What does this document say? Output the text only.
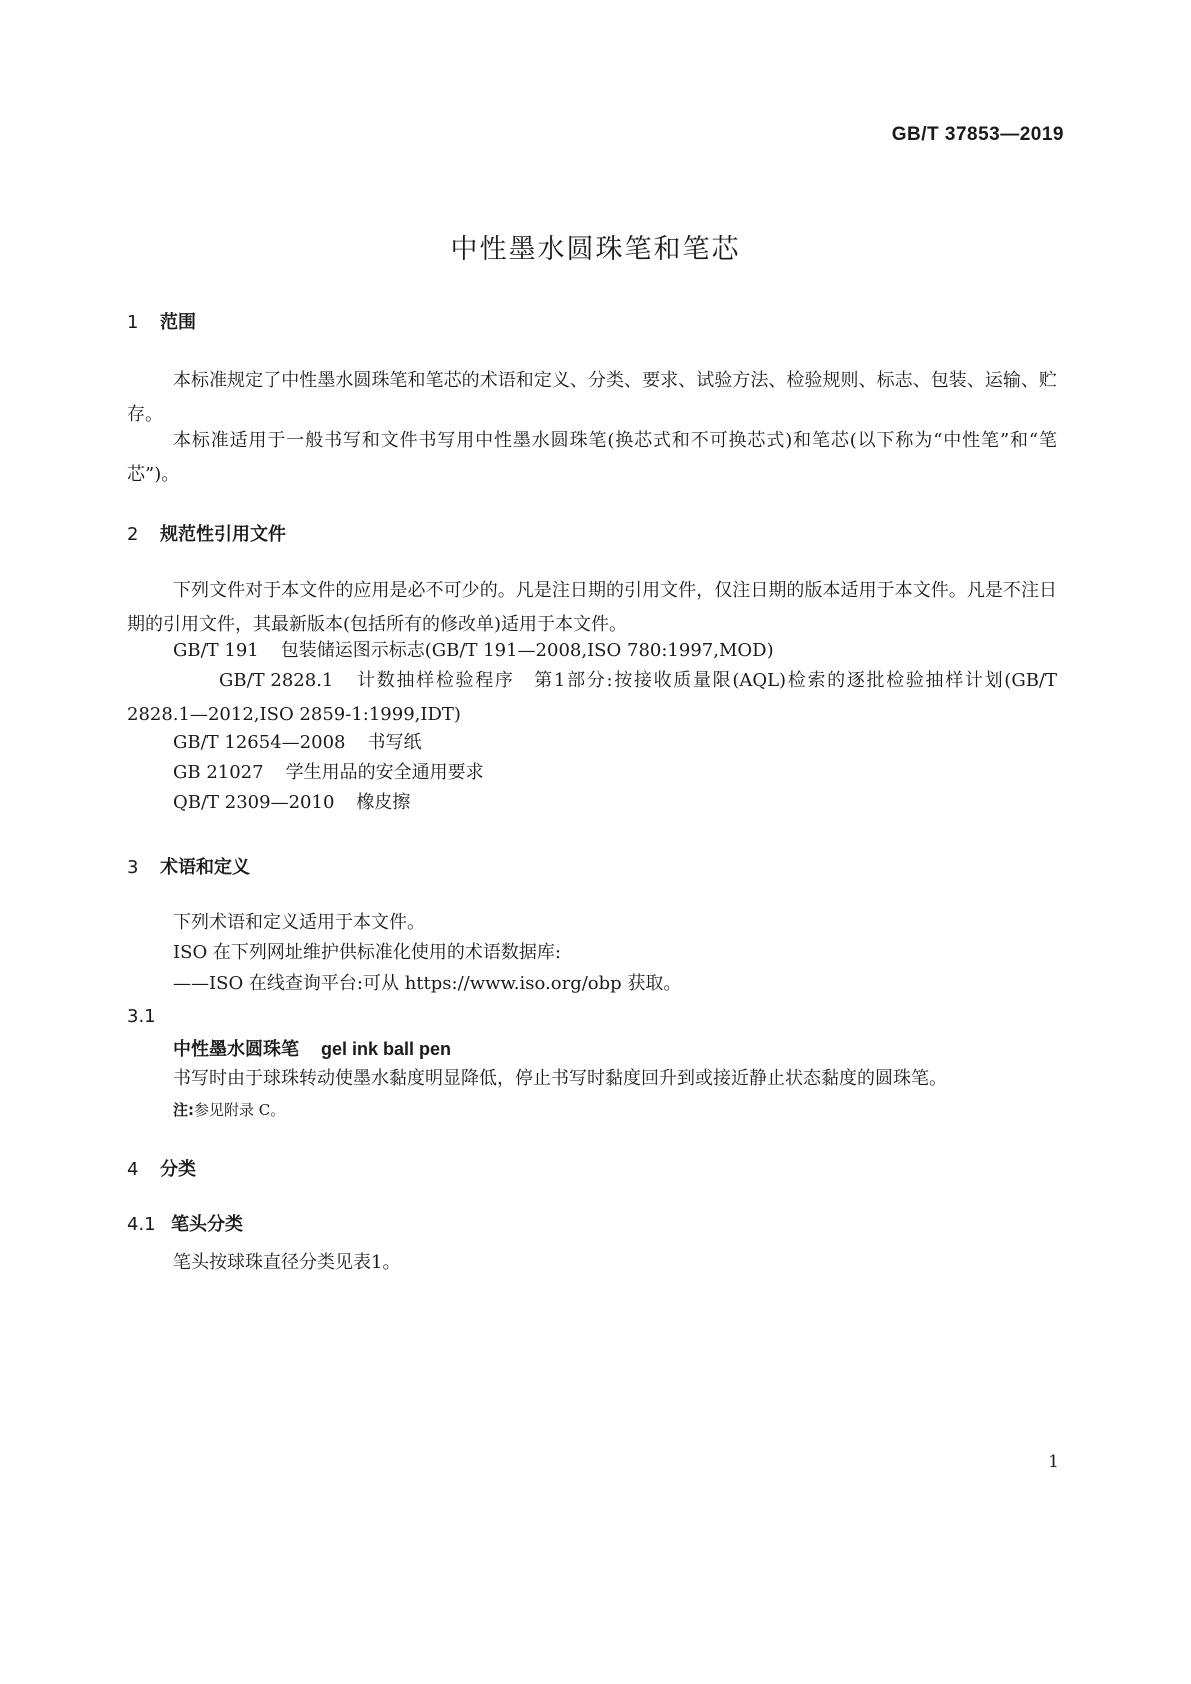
GB/T 37853—2019
中性墨水圆珠笔和笔芯
1 范围
本标准规定了中性墨水圆珠笔和笔芯的术语和定义、分类、要求、试验方法、检验规则、标志、包装、运输、贮存。
本标准适用于一般书写和文件书写用中性墨水圆珠笔(换芯式和不可换芯式)和笔芯(以下称为“中性笔”和“笔芯”)。
2 规范性引用文件
下列文件对于本文件的应用是必不可少的。凡是注日期的引用文件，仅注日期的版本适用于本文件。凡是不注日期的引用文件，其最新版本(包括所有的修改单)适用于本文件。
GB/T 191 包装储运图示标志(GB/T 191—2008,ISO 780:1997,MOD)
GB/T 2828.1 计数抽样检验程序　第1部分:按接收质量限(AQL)检索的逐批检验抽样计划(GB/T 2828.1—2012,ISO 2859-1:1999,IDT)
GB/T 12654—2008 书写纸
GB 21027 学生用品的安全通用要求
QB/T 2309—2010 橡皮擦
3 术语和定义
下列术语和定义适用于本文件。
ISO 在下列网址维护供标准化使用的术语数据库:
——ISO 在线查询平台:可从 https://www.iso.org/obp 获取。
3.1
中性墨水圆珠笔 gel ink ball pen
书写时由于球珠转动使墨水黏度明显降低，停止书写时黏度回升到或接近静止状态黏度的圆珠笔。
注:参见附录 C。
4 分类
4.1 笔头分类
笔头按球珠直径分类见表1。
1
